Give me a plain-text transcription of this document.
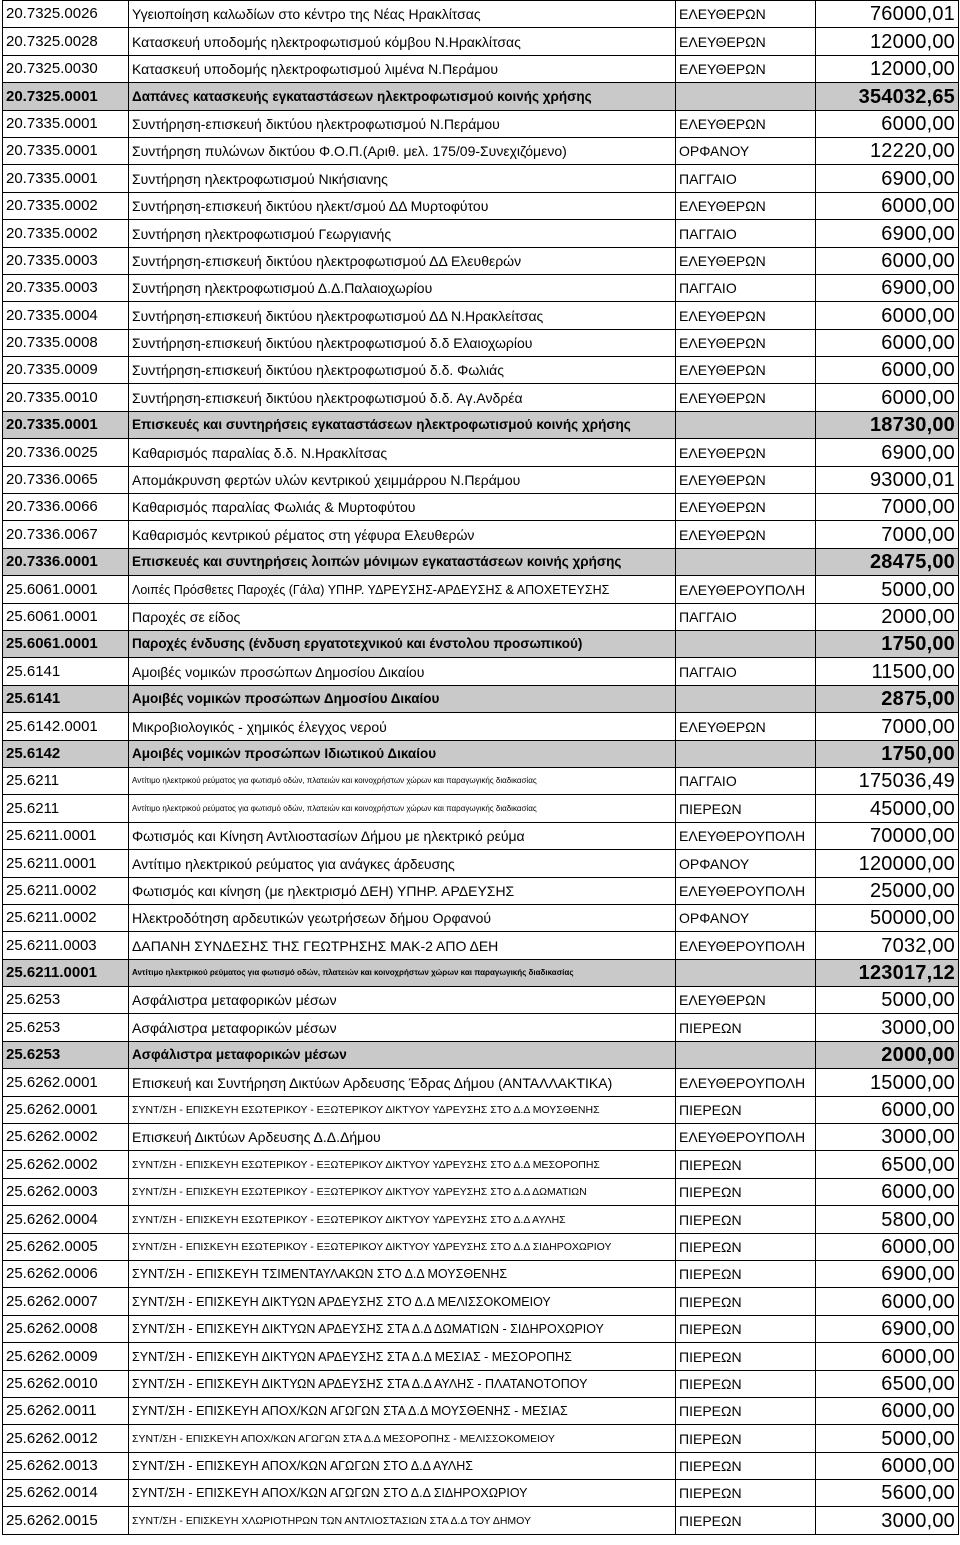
20.7325.0026	Υγειοποίηση καλωδίων στο κέντρο της Νέας Ηρακλίτσας	ΕΛΕΥΘΕΡΩΝ	76000,01
20.7325.0028	Κατασκευή υποδομής ηλεκτροφωτισμού κόμβου Ν.Ηρακλίτσας	ΕΛΕΥΘΕΡΩΝ	12000,00
20.7325.0030	Κατασκευή υποδομής ηλεκτροφωτισμού λιμένα Ν.Περάμου	ΕΛΕΥΘΕΡΩΝ	12000,00
20.7325.0001	Δαπάνες κατασκευής εγκαταστάσεων ηλεκτροφωτισμού κοινής χρήσης		354032,65
20.7335.0001	Συντήρηση-επισκευή δικτύου ηλεκτροφωτισμού Ν.Περάμου	ΕΛΕΥΘΕΡΩΝ	6000,00
20.7335.0001	Συντήρηση πυλώνων δικτύου Φ.Ο.Π.(Αριθ. μελ. 175/09-Συνεχιζόμενο)	ΟΡΦΑΝΟΥ	12220,00
20.7335.0001	Συντήρηση ηλεκτροφωτισμού Νικήσιανης	ΠΑΓΓΑΙΟ	6900,00
20.7335.0002	Συντήρηση-επισκευή δικτύου ηλεκτ/σμού ΔΔ Μυρτοφύτου	ΕΛΕΥΘΕΡΩΝ	6000,00
20.7335.0002	Συντήρηση ηλεκτροφωτισμού Γεωργιανής	ΠΑΓΓΑΙΟ	6900,00
20.7335.0003	Συντήρηση-επισκευή δικτύου ηλεκτροφωτισμού ΔΔ Ελευθερών	ΕΛΕΥΘΕΡΩΝ	6000,00
20.7335.0003	Συντήρηση ηλεκτροφωτισμού Δ.Δ.Παλαιοχωρίου	ΠΑΓΓΑΙΟ	6900,00
20.7335.0004	Συντήρηση-επισκευή δικτύου ηλεκτροφωτισμού ΔΔ Ν.Ηρακλείτσας	ΕΛΕΥΘΕΡΩΝ	6000,00
20.7335.0008	Συντήρηση-επισκευή δικτύου ηλεκτροφωτισμού δ.δ Ελαιοχωρίου	ΕΛΕΥΘΕΡΩΝ	6000,00
20.7335.0009	Συντήρηση-επισκευή δικτύου ηλεκτροφωτισμού δ.δ. Φωλιάς	ΕΛΕΥΘΕΡΩΝ	6000,00
20.7335.0010	Συντήρηση-επισκευή δικτύου ηλεκτροφωτισμού δ.δ. Αγ.Ανδρέα	ΕΛΕΥΘΕΡΩΝ	6000,00
20.7335.0001	Επισκευές και συντηρήσεις εγκαταστάσεων ηλεκτροφωτισμού κοινής χρήσης		18730,00
20.7336.0025	Καθαρισμός παραλίας δ.δ. Ν.Ηρακλίτσας	ΕΛΕΥΘΕΡΩΝ	6900,00
20.7336.0065	Απομάκρυνση φερτών υλών κεντρικού χειμμάρρου Ν.Περάμου	ΕΛΕΥΘΕΡΩΝ	93000,01
20.7336.0066	Καθαρισμός παραλίας Φωλιάς & Μυρτοφύτου	ΕΛΕΥΘΕΡΩΝ	7000,00
20.7336.0067	Καθαρισμός κεντρικού ρέματος στη γέφυρα Ελευθερών	ΕΛΕΥΘΕΡΩΝ	7000,00
20.7336.0001	Επισκευές και συντηρήσεις λοιπών μόνιμων εγκαταστάσεων κοινής χρήσης		28475,00
25.6061.0001	Λοιπές Πρόσθετες Παροχές (Γάλα) ΥΠΗΡ. ΥΔΡΕΥΣΗΣ-ΑΡΔΕΥΣΗΣ & ΑΠΟΧΕΤΕΥΣΗΣ	ΕΛΕΥΘΕΡΟΥΠΟΛΗ	5000,00
25.6061.0001	Παροχές σε είδος	ΠΑΓΓΑΙΟ	2000,00
25.6061.0001	Παροχές ένδυσης (ένδυση εργατοτεχνικού και ένστολου προσωπικού)		1750,00
25.6141	Αμοιβές νομικών προσώπων Δημοσίου Δικαίου	ΠΑΓΓΑΙΟ	11500,00
25.6141	Αμοιβές νομικών προσώπων Δημοσίου Δικαίου		2875,00
25.6142.0001	Μικροβιολογικός - χημικός έλεγχος νερού	ΕΛΕΥΘΕΡΩΝ	7000,00
25.6142	Αμοιβές νομικών προσώπων Ιδιωτικού Δικαίου		1750,00
25.6211	Αντίτιμο ηλεκτρικού ρεύματος για φωτισμό οδών, πλατειών και κοινοχρήστων χώρων και παραγωγικής διαδικασίας	ΠΑΓΓΑΙΟ	175036,49
25.6211	Αντίτιμο ηλεκτρικού ρεύματος για φωτισμό οδών, πλατειών και κοινοχρήστων χώρων και παραγωγικής διαδικασίας	ΠΙΕΡΕΩΝ	45000,00
25.6211.0001	Φωτισμός και Κίνηση Αντλιοστασίων Δήμου με ηλεκτρικό ρεύμα	ΕΛΕΥΘΕΡΟΥΠΟΛΗ	70000,00
25.6211.0001	Αντίτιμο ηλεκτρικού ρεύματος για ανάγκες άρδευσης	ΟΡΦΑΝΟΥ	120000,00
25.6211.0002	Φωτισμός και κίνηση (με ηλεκτρισμό ΔΕΗ) ΥΠΗΡ. ΑΡΔΕΥΣΗΣ	ΕΛΕΥΘΕΡΟΥΠΟΛΗ	25000,00
25.6211.0002	Ηλεκτροδότηση αρδευτικών γεωτρήσεων δήμου Ορφανού	ΟΡΦΑΝΟΥ	50000,00
25.6211.0003	ΔΑΠΑΝΗ ΣΥΝΔΕΣΗΣ ΤΗΣ ΓΕΩΤΡΗΣΗΣ ΜΑΚ-2 ΑΠΟ ΔΕΗ	ΕΛΕΥΘΕΡΟΥΠΟΛΗ	7032,00
25.6211.0001	Αντίτιμο ηλεκτρικού ρεύματος για φωτισμό οδών, πλατειών και κοινοχρήστων χώρων και παραγωγικής διαδικασίας		123017,12
25.6253	Ασφάλιστρα μεταφορικών μέσων	ΕΛΕΥΘΕΡΩΝ	5000,00
25.6253	Ασφάλιστρα μεταφορικών μέσων	ΠΙΕΡΕΩΝ	3000,00
25.6253	Ασφάλιστρα μεταφορικών μέσων		2000,00
25.6262.0001	Επισκευή και Συντήρηση Δικτύων Αρδευσης Έδρας Δήμου (ΑΝΤΑΛΛΑΚΤΙΚΑ)	ΕΛΕΥΘΕΡΟΥΠΟΛΗ	15000,00
25.6262.0001	ΣΥΝΤ/ΣΗ - ΕΠΙΣΚΕΥΗ ΕΣΩΤΕΡΙΚΟΥ - ΕΞΩΤΕΡΙΚΟΥ ΔΙΚΤΥΟΥ ΥΔΡΕΥΣΗΣ ΣΤΟ Δ.Δ ΜΟΥΣΘΕΝΗΣ	ΠΙΕΡΕΩΝ	6000,00
25.6262.0002	Επισκευή Δικτύων Αρδευσης Δ.Δ.Δήμου	ΕΛΕΥΘΕΡΟΥΠΟΛΗ	3000,00
25.6262.0002	ΣΥΝΤ/ΣΗ - ΕΠΙΣΚΕΥΗ ΕΣΩΤΕΡΙΚΟΥ - ΕΞΩΤΕΡΙΚΟΥ ΔΙΚΤΥΟΥ ΥΔΡΕΥΣΗΣ ΣΤΟ Δ.Δ ΜΕΣΟΡΟΠΗΣ	ΠΙΕΡΕΩΝ	6500,00
25.6262.0003	ΣΥΝΤ/ΣΗ - ΕΠΙΣΚΕΥΗ ΕΣΩΤΕΡΙΚΟΥ - ΕΞΩΤΕΡΙΚΟΥ ΔΙΚΤΥΟΥ ΥΔΡΕΥΣΗΣ ΣΤΟ Δ.Δ ΔΩΜΑΤΙΩΝ	ΠΙΕΡΕΩΝ	6000,00
25.6262.0004	ΣΥΝΤ/ΣΗ - ΕΠΙΣΚΕΥΗ ΕΣΩΤΕΡΙΚΟΥ - ΕΞΩΤΕΡΙΚΟΥ ΔΙΚΤΥΟΥ ΥΔΡΕΥΣΗΣ ΣΤΟ Δ.Δ ΑΥΛΗΣ	ΠΙΕΡΕΩΝ	5800,00
25.6262.0005	ΣΥΝΤ/ΣΗ - ΕΠΙΣΚΕΥΗ ΕΣΩΤΕΡΙΚΟΥ - ΕΞΩΤΕΡΙΚΟΥ ΔΙΚΤΥΟΥ ΥΔΡΕΥΣΗΣ ΣΤΟ Δ.Δ ΣΙΔΗΡΟΧΩΡΙΟΥ	ΠΙΕΡΕΩΝ	6000,00
25.6262.0006	ΣΥΝΤ/ΣΗ - ΕΠΙΣΚΕΥΗ ΤΣΙΜΕΝΤΑΥΛΑΚΩΝ ΣΤΟ Δ.Δ ΜΟΥΣΘΕΝΗΣ	ΠΙΕΡΕΩΝ	6900,00
25.6262.0007	ΣΥΝΤ/ΣΗ - ΕΠΙΣΚΕΥΗ ΔΙΚΤΥΩΝ ΑΡΔΕΥΣΗΣ ΣΤΟ Δ.Δ ΜΕΛΙΣΣΟΚΟΜΕΙΟΥ	ΠΙΕΡΕΩΝ	6000,00
25.6262.0008	ΣΥΝΤ/ΣΗ - ΕΠΙΣΚΕΥΗ ΔΙΚΤΥΩΝ ΑΡΔΕΥΣΗΣ ΣΤΑ Δ.Δ ΔΩΜΑΤΙΩΝ - ΣΙΔΗΡΟΧΩΡΙΟΥ	ΠΙΕΡΕΩΝ	6900,00
25.6262.0009	ΣΥΝΤ/ΣΗ - ΕΠΙΣΚΕΥΗ ΔΙΚΤΥΩΝ ΑΡΔΕΥΣΗΣ ΣΤΑ Δ.Δ ΜΕΣΙΑΣ - ΜΕΣΟΡΟΠΗΣ	ΠΙΕΡΕΩΝ	6000,00
25.6262.0010	ΣΥΝΤ/ΣΗ - ΕΠΙΣΚΕΥΗ ΔΙΚΤΥΩΝ ΑΡΔΕΥΣΗΣ ΣΤΑ Δ.Δ ΑΥΛΗΣ - ΠΛΑΤΑΝΟΤΟΠΟΥ	ΠΙΕΡΕΩΝ	6500,00
25.6262.0011	ΣΥΝΤ/ΣΗ - ΕΠΙΣΚΕΥΗ ΑΠΟΧ/ΚΩΝ ΑΓΩΓΩΝ ΣΤΑ Δ.Δ ΜΟΥΣΘΕΝΗΣ - ΜΕΣΙΑΣ	ΠΙΕΡΕΩΝ	6000,00
25.6262.0012	ΣΥΝΤ/ΣΗ - ΕΠΙΣΚΕΥΗ ΑΠΟΧ/ΚΩΝ ΑΓΩΓΩΝ ΣΤΑ Δ.Δ ΜΕΣΟΡΟΠΗΣ - ΜΕΛΙΣΣΟΚΟΜΕΙΟΥ	ΠΙΕΡΕΩΝ	5000,00
25.6262.0013	ΣΥΝΤ/ΣΗ - ΕΠΙΣΚΕΥΗ ΑΠΟΧ/ΚΩΝ ΑΓΩΓΩΝ ΣΤΟ Δ.Δ ΑΥΛΗΣ	ΠΙΕΡΕΩΝ	6000,00
25.6262.0014	ΣΥΝΤ/ΣΗ - ΕΠΙΣΚΕΥΗ ΑΠΟΧ/ΚΩΝ ΑΓΩΓΩΝ ΣΤΟ Δ.Δ ΣΙΔΗΡΟΧΩΡΙΟΥ	ΠΙΕΡΕΩΝ	5600,00
25.6262.0015	ΣΥΝΤ/ΣΗ - ΕΠΙΣΚΕΥΗ ΧΛΩΡΙΟΤΗΡΩΝ ΤΩΝ ΑΝΤΛΙΟΣΤΑΣΙΩΝ ΣΤΑ Δ.Δ ΤΟΥ ΔΗΜΟΥ	ΠΙΕΡΕΩΝ	3000,00
